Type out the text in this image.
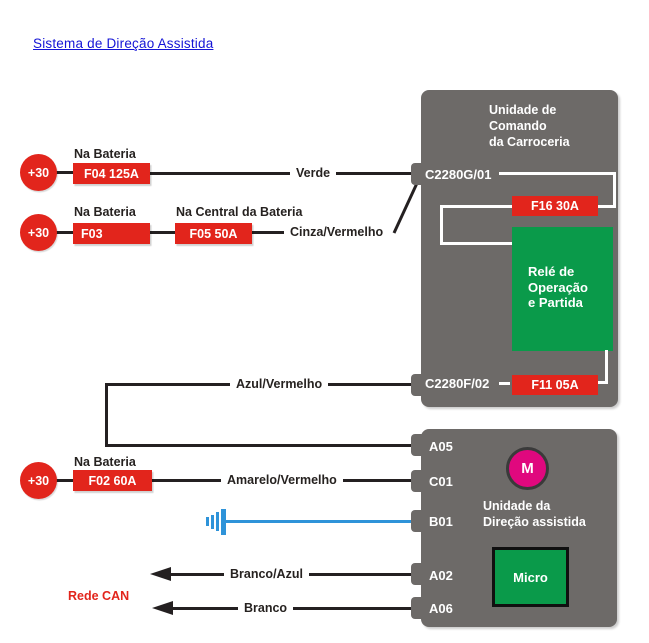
Sistema de Direção Assistida
+30
Na Bateria
F04 125A	Verde
+30
Na Bateria
F03
Na Central da Bateria
F05 50A	Cinza/Vermelho
Unidade de
Comando
da Carroceria
C2280G/01
F16 30A
Relé de
Operação
e Partida
F11 05A
C2280F/02
Azul/Vermelho
+30
Na Bateria
F02 60A	Amarelo/Vermelho
Branco/Azul
Branco
Rede CAN
A05
C01
B01
A02
A06
M
Unidade da
Direção assistida
Micro
